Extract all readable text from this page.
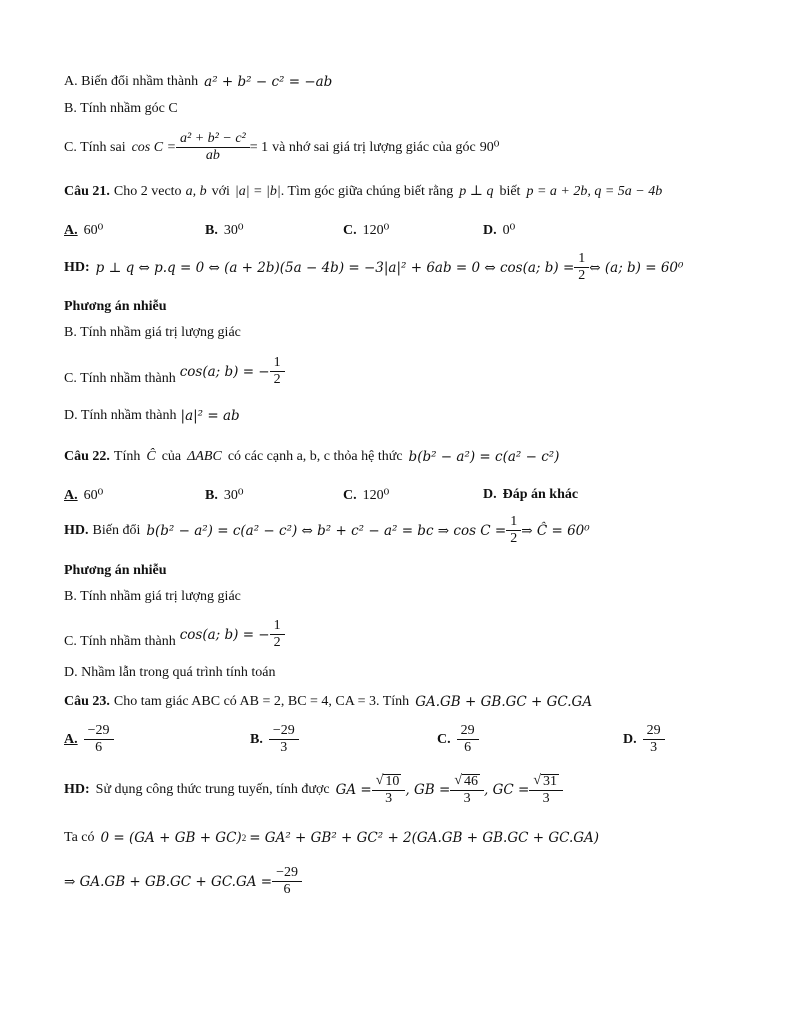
A. Biến đổi nhầm thành a² + b² − c² = −ab
B. Tính nhầm góc C
C. Tính sai $\cos C = \frac{\text{a² + b² − c²}}{ab} = 1$ và nhớ sai giá trị lượng giác của góc 90⁰
Câu 21. Cho 2 vecto a, b với |a| = |b| . Tìm góc giữa chúng biết rằng p ⊥ q biết p = a + 2b, q = 5a − 4b
A. 60⁰	B. 30⁰	C. 120⁰	D. 0⁰
HD: p ⊥ q ⇔ p.q = 0 ⇔ (a + 2b)(5a − 4b) = −3|a|² + 6ab = 0 ⇔ cos(a; $b) = \frac{1}{2}$ ⇔ (a; b) = 60⁰
Phương án nhiễu
B. Tính nhầm giá trị lượng giác
C. Tính nhầm thành cos(a; b) = − $\frac{1}{2}$
D. Tính nhầm thành |a|² = ab
Câu 22. Tính Ĉ của ΔABC có các cạnh a, b, c thỏa hệ thức b(b² − a²) = c(a² − c²)
A. 60⁰	B. 30⁰	C. 120⁰	D. Đáp án khác
HD. Biến đổi b(b² − a²) = c(a² − c²) ⇔ b² + c² − a² = bc ⇒ $\cos C = \frac{1}{2}$ ⇒ Ĉ = 60⁰
Phương án nhiễu
B. Tính nhầm giá trị lượng giác
C. Tính nhầm thành cos(a; b) = − $\frac{1}{2}$
D. Nhầm lẫn trong quá trình tính toán
Câu 23. Cho tam giác ABC có AB = 2, BC = 4, CA = 3. Tính GA.GB + GB.GC + GC.GA
A. $\frac{-29}{6}$	B. $\frac{-29}{3}$	C. $\frac{29}{6}$	D. $\frac{29}{3}$
HD: Sử dụng công thức trung tuyến, tính được GA = $\frac{√ 10}{3}$ , GB = $\frac{√ 46}{3}$ , GC = $\frac{√ 31}{3}$
Ta có 0 = (GA + GB + GC) 2 = GA² + GB² + GC² + 2(GA.GB + GB.GC + GC.GA)
⇒ $GA.GB + GB.GC + GC.GA = \frac{-29}{6}$
